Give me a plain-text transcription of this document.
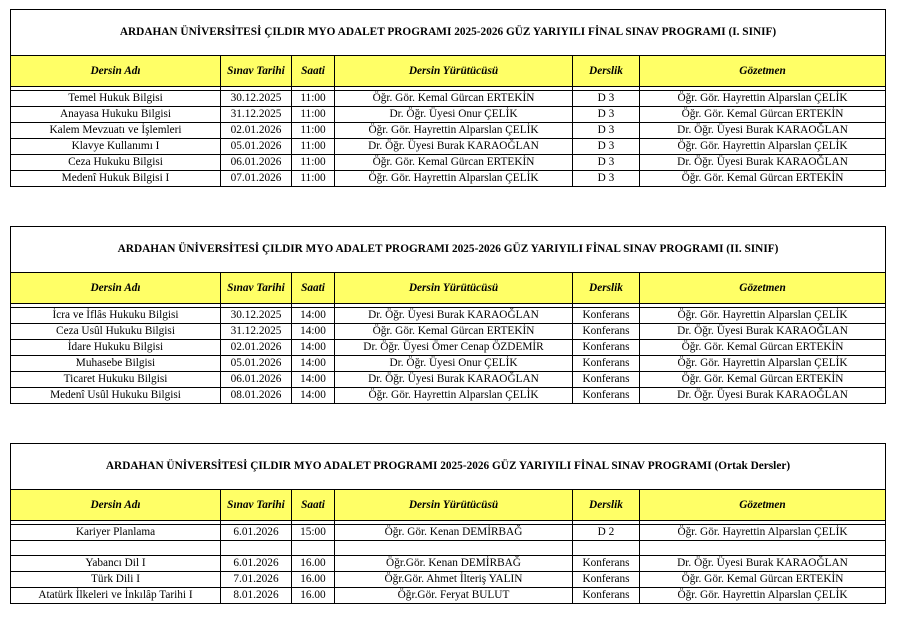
ARDAHAN ÜNİVERSİTESİ ÇILDIR MYO ADALET PROGRAMI 2025-2026 GÜZ YARIYILI FİNAL SINAV PROGRAMI (I. SINIF)					
Dersin Adı	Sınav Tarihi	Saati	Dersin Yürütücüsü	Derslik	Gözetmen

Temel Hukuk Bilgisi	30.12.2025	11:00	Öğr. Gör. Kemal Gürcan ERTEKİN	D 3	Öğr. Gör. Hayrettin Alparslan ÇELİK
Anayasa Hukuku Bilgisi	31.12.2025	11:00	Dr. Öğr. Üyesi Onur ÇELİK	D 3	Öğr. Gör. Kemal Gürcan ERTEKİN
Kalem Mevzuatı ve İşlemleri	02.01.2026	11:00	Öğr. Gör. Hayrettin Alparslan ÇELİK	D 3	Dr. Öğr. Üyesi Burak KARAOĞLAN
Klavye Kullanımı I	05.01.2026	11:00	Dr. Öğr. Üyesi Burak KARAOĞLAN	D 3	Öğr. Gör. Hayrettin Alparslan ÇELİK
Ceza Hukuku Bilgisi	06.01.2026	11:00	Öğr. Gör. Kemal Gürcan ERTEKİN	D 3	Dr. Öğr. Üyesi Burak KARAOĞLAN
Medenî Hukuk Bilgisi I	07.01.2026	11:00	Öğr. Gör. Hayrettin Alparslan ÇELİK	D 3	Öğr. Gör. Kemal Gürcan ERTEKİN
ARDAHAN ÜNİVERSİTESİ ÇILDIR MYO ADALET PROGRAMI 2025-2026 GÜZ YARIYILI FİNAL SINAV PROGRAMI (II. SINIF)					
Dersin Adı	Sınav Tarihi	Saati	Dersin Yürütücüsü	Derslik	Gözetmen

İcra ve İflâs Hukuku Bilgisi	30.12.2025	14:00	Dr. Öğr. Üyesi Burak KARAOĞLAN	Konferans	Öğr. Gör. Hayrettin Alparslan ÇELİK
Ceza Usûl Hukuku Bilgisi	31.12.2025	14:00	Öğr. Gör. Kemal Gürcan ERTEKİN	Konferans	Dr. Öğr. Üyesi Burak KARAOĞLAN
İdare Hukuku Bilgisi	02.01.2026	14:00	Dr. Öğr. Üyesi Ömer Cenap ÖZDEMİR	Konferans	Öğr. Gör. Kemal Gürcan ERTEKİN
Muhasebe Bilgisi	05.01.2026	14:00	Dr. Öğr. Üyesi Onur ÇELİK	Konferans	Öğr. Gör. Hayrettin Alparslan ÇELİK
Ticaret Hukuku Bilgisi	06.01.2026	14:00	Dr. Öğr. Üyesi Burak KARAOĞLAN	Konferans	Öğr. Gör. Kemal Gürcan ERTEKİN
Medenî Usûl Hukuku Bilgisi	08.01.2026	14:00	Öğr. Gör. Hayrettin Alparslan ÇELİK	Konferans	Dr. Öğr. Üyesi Burak KARAOĞLAN
ARDAHAN ÜNİVERSİTESİ ÇILDIR MYO ADALET PROGRAMI 2025-2026 GÜZ YARIYILI FİNAL SINAV PROGRAMI (Ortak Dersler)					
Dersin Adı	Sınav Tarihi	Saati	Dersin Yürütücüsü	Derslik	Gözetmen

Kariyer Planlama	6.01.2026	15:00	Öğr. Gör. Kenan DEMİRBAĞ	D 2	Öğr. Gör. Hayrettin Alparslan ÇELİK

Yabancı Dil I	6.01.2026	16.00	Öğr.Gör. Kenan DEMİRBAĞ	Konferans	Dr. Öğr. Üyesi Burak KARAOĞLAN
Türk Dili I	7.01.2026	16.00	Öğr.Gör. Ahmet İlteriş YALIN	Konferans	Öğr. Gör. Kemal Gürcan ERTEKİN
Atatürk İlkeleri ve İnkılâp Tarihi I	8.01.2026	16.00	Öğr.Gör. Feryat BULUT	Konferans	Öğr. Gör. Hayrettin Alparslan ÇELİK
